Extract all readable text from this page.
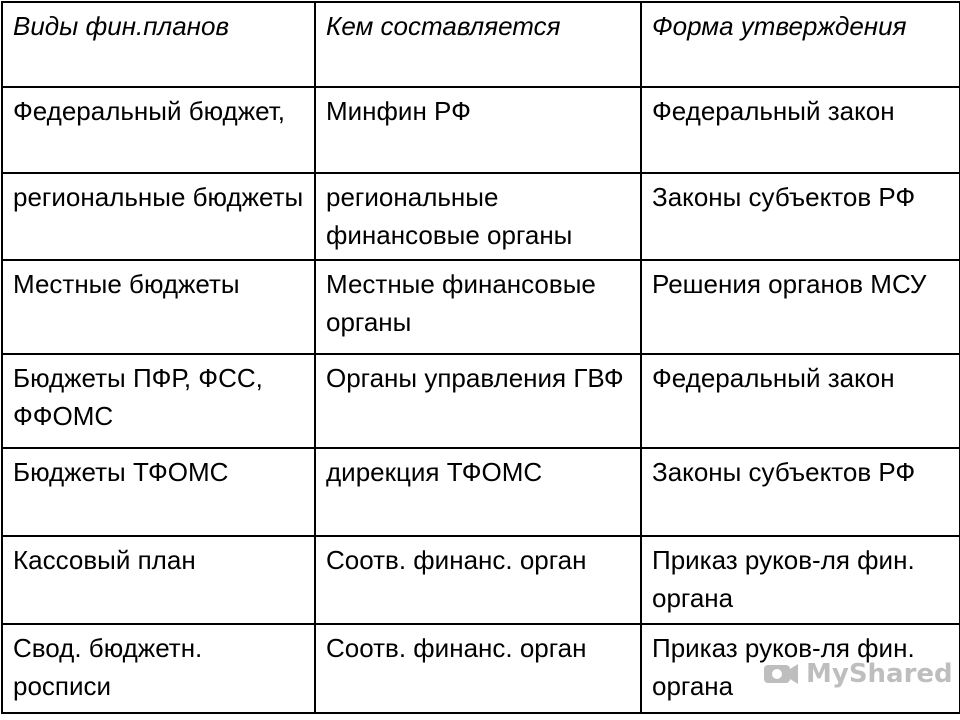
Виды фин.планов	Кем составляется	Форма утверждения
Федеральный бюджет,	Минфин РФ	Федеральный закон
региональные бюджеты	региональные финансовые органы	Законы субъектов РФ
Местные бюджеты	Местные финансовые органы	Решения органов МСУ
Бюджеты ПФР, ФСС, ФФОМС	Органы управления ГВФ	Федеральный закон
Бюджеты ТФОМС	дирекция ТФОМС	Законы субъектов РФ
Кассовый план	Соотв. финанс. орган	Приказ руков-ля фин. органа
Свод. бюджетн. росписи	Соотв. финанс. орган	Приказ руков-ля фин. органа	MyShared
